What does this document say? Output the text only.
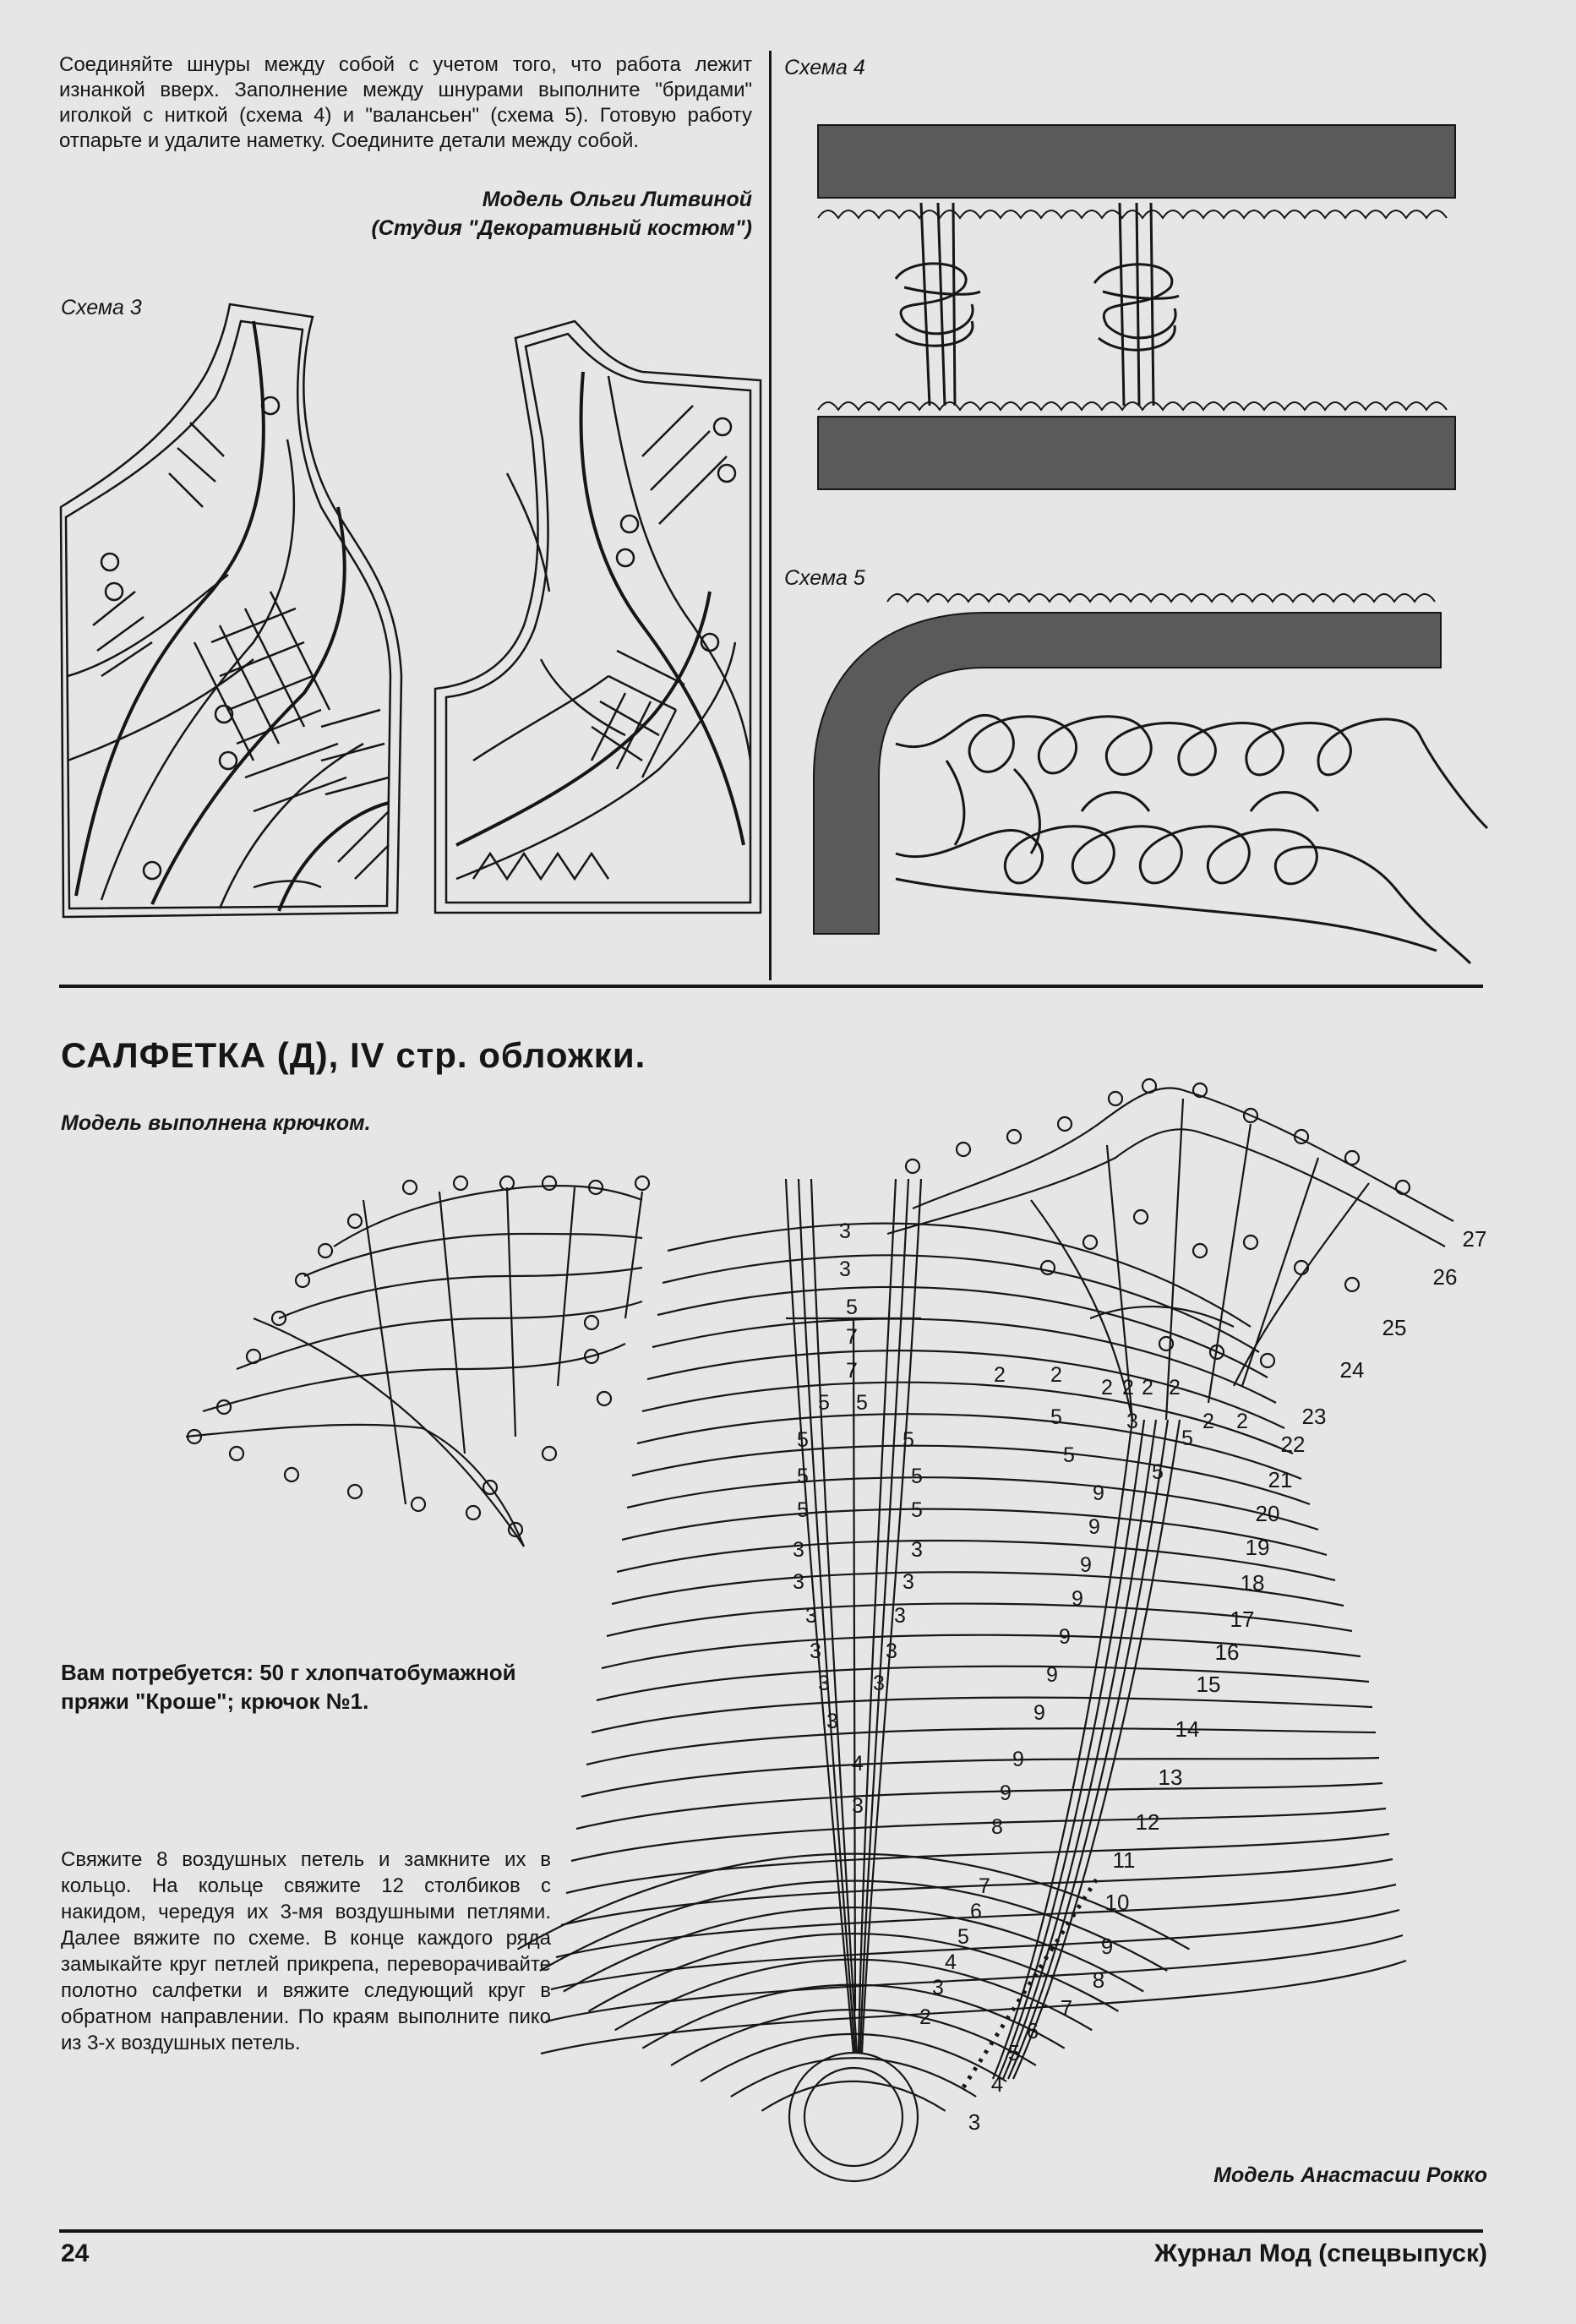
Соединяйте шнуры между собой с учетом того, что работа лежит изнанкой вверх. Заполнение между шнурами выполните "бридами" иголкой с ниткой (схема 4) и "валансьен" (схема 5). Готовую работу отпарьте и удалите наметку. Соедините детали между собой.
Модель Ольги Литвиной
(Студия "Декоративный костюм")
Схема 3
Схема 4
Схема 5
САЛФЕТКА (Д), IV стр. обложки.
Модель выполнена крючком.
3
4
5
6
7
8
9
10
11
12
13
14
15
16
17
18
19
20
21
22
23
24
25
26
27
2
3
4
5
6
7
8
9
9
9
9
9
9
9
9
9
3
3
5
7
7
5
5
5
5
3
3
3
3
3
3
4
3
5
5
5
5
3
3
3
3
3
2 2
2 2 2 2
5
5
5
5
2 2
3
Вам потребуется: 50 г хлопчатобумажной пряжи "Кроше"; крючок №1.
Свяжите 8 воздушных петель и замкните их в кольцо. На кольце свяжите 12 столбиков с накидом, чередуя их 3-мя воздушными петлями. Далее вяжите по схеме. В конце каждого ряда замыкайте круг петлей прикрепа, переворачивайте полотно салфетки и вяжите следующий круг в обратном направлении. По краям выполните пико из 3-х воздушных петель.
Модель Анастасии Рокко
24	Журнал Мод (спецвыпуск)
